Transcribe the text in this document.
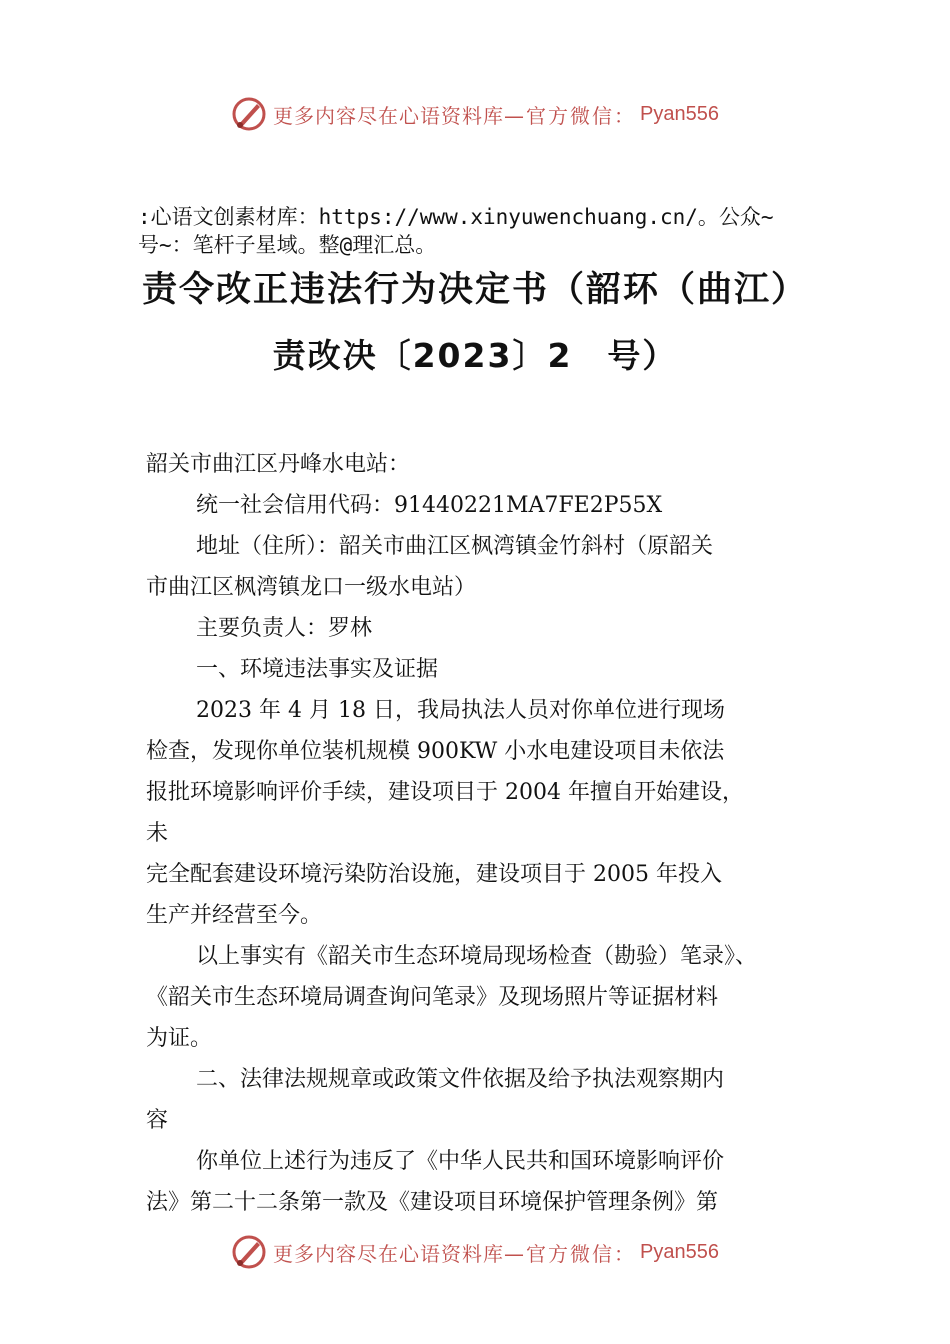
更多内容尽在心语资料库 —官方微信： Pyan556
:心语文创素材库：https://www.xinyuwenchuang.cn/。公众~
号~：笔杆子星域。整@理汇总。
责令改正违法行为决定书（韶环（曲江）
责改决〔2023〕2　号）

韶关市曲江区丹峰水电站：

统一社会信用代码：91440221MA7FE2P55X

地址（住所）：韶关市曲江区枫湾镇金竹斜村（原韶关

市曲江区枫湾镇龙口一级水电站）

主要负责人：罗林

一、环境违法事实及证据

2023 年 4 月 18 日，我局执法人员对你单位进行现场

检查，发现你单位装机规模 900KW 小水电建设项目未依法

报批环境影响评价手续，建设项目于 2004 年擅自开始建设，

未

完全配套建设环境污染防治设施，建设项目于 2005 年投入

生产并经营至今。

以上事实有《韶关市生态环境局现场检查（勘验）笔录》、

《韶关市生态环境局调查询问笔录》及现场照片等证据材料

为证。

二、法律法规规章或政策文件依据及给予执法观察期内

容

你单位上述行为违反了《中华人民共和国环境影响评价

法》第二十二条第一款及《建设项目环境保护管理条例》第

更多内容尽在心语资料库 —官方微信： Pyan556
